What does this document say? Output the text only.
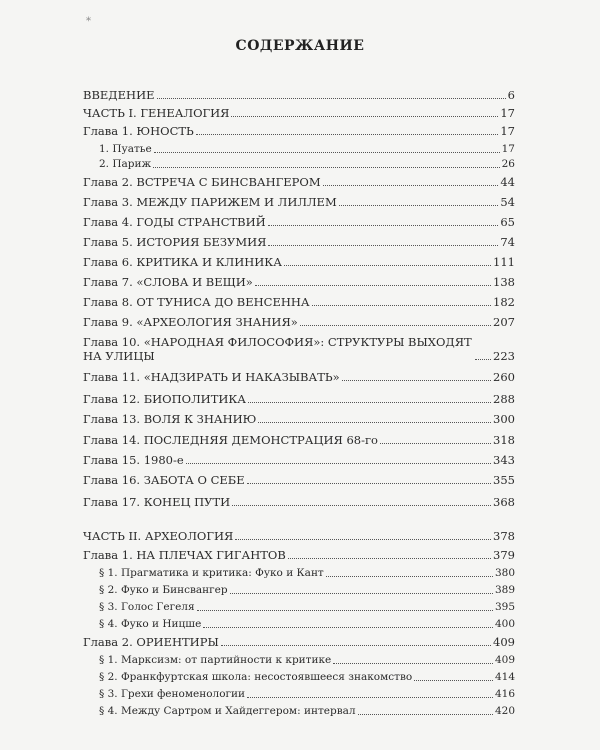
*
СОДЕРЖАНИЕ
ВВЕДЕНИЕ	6
ЧАСТЬ I. ГЕНЕАЛОГИЯ	17
Глава 1. ЮНОСТЬ	17
1. Пуатье	17
2. Париж	26
Глава 2. ВСТРЕЧА С БИНСВАНГЕРОМ	44
Глава 3. МЕЖДУ ПАРИЖЕМ И ЛИЛЛЕМ	54
Глава 4. ГОДЫ СТРАНСТВИЙ	65
Глава 5. ИСТОРИЯ БЕЗУМИЯ	74
Глава 6. КРИТИКА И КЛИНИКА	111
Глава 7. «СЛОВА И ВЕЩИ»	138
Глава 8. ОТ ТУНИСА ДО ВЕНСЕННА	182
Глава 9. «АРХЕОЛОГИЯ ЗНАНИЯ»	207
Глава 10. «НАРОДНАЯ ФИЛОСОФИЯ»: СТРУКТУРЫ ВЫХОДЯТ НА УЛИЦЫ	223
Глава 11. «НАДЗИРАТЬ И НАКАЗЫВАТЬ»	260
Глава 12. БИОПОЛИТИКА	288
Глава 13. ВОЛЯ К ЗНАНИЮ	300
Глава 14. ПОСЛЕДНЯЯ ДЕМОНСТРАЦИЯ 68-го	318
Глава 15. 1980-е	343
Глава 16. ЗАБОТА О СЕБЕ	355
Глава 17. КОНЕЦ ПУТИ	368
ЧАСТЬ II. АРХЕОЛОГИЯ	378
Глава 1. НА ПЛЕЧАХ ГИГАНТОВ	379
§ 1. Прагматика и критика: Фуко и Кант	380
§ 2. Фуко и Бинсвангер	389
§ 3. Голос Гегеля	395
§ 4. Фуко и Ницше	400
Глава 2. ОРИЕНТИРЫ	409
§ 1. Марксизм: от партийности к критике	409
§ 2. Франкфуртская школа: несостоявшееся знакомство	414
§ 3. Грехи феноменологии	416
§ 4. Между Сартром и Хайдеггером: интервал	420
